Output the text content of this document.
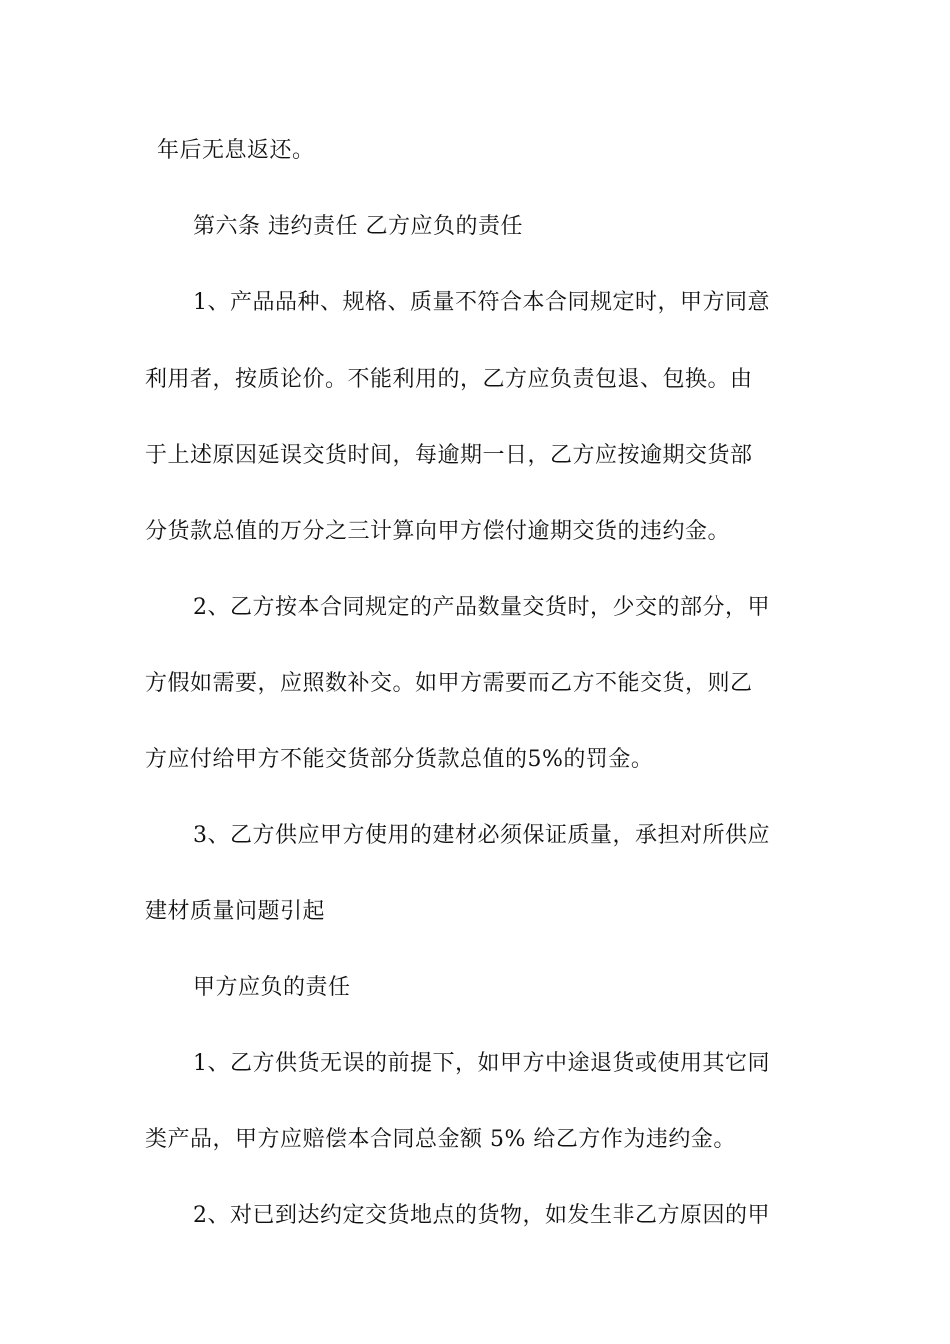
年后无息返还。
第六条 违约责任 乙方应负的责任
1、产品品种、规格、质量不符合本合同规定时，甲方同意
利用者，按质论价。不能利用的，乙方应负责包退、包换。由
于上述原因延误交货时间，每逾期一日，乙方应按逾期交货部
分货款总值的万分之三计算向甲方偿付逾期交货的违约金。
2、乙方按本合同规定的产品数量交货时，少交的部分，甲
方假如需要，应照数补交。如甲方需要而乙方不能交货，则乙
方应付给甲方不能交货部分货款总值的5%的罚金。
3、乙方供应甲方使用的建材必须保证质量，承担对所供应
建材质量问题引起
甲方应负的责任
1、乙方供货无误的前提下，如甲方中途退货或使用其它同
类产品，甲方应赔偿本合同总金额 5% 给乙方作为违约金。
2、对已到达约定交货地点的货物，如发生非乙方原因的甲
